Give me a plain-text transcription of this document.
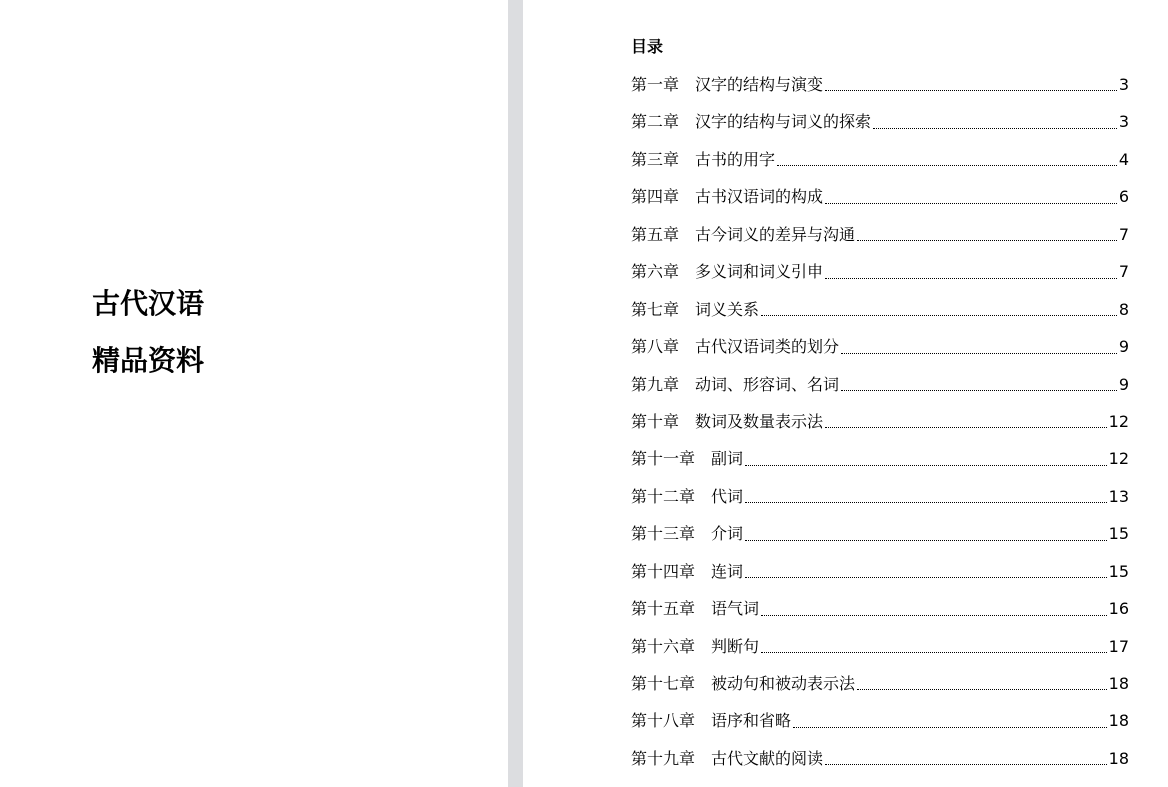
古代汉语
精品资料
目录
第一章	汉字的结构与演变	3
第二章	汉字的结构与词义的探索	3
第三章	古书的用字	4
第四章	古书汉语词的构成	6
第五章	古今词义的差异与沟通	7
第六章	多义词和词义引申	7
第七章	词义关系	8
第八章	古代汉语词类的划分	9
第九章	动词、形容词、名词	9
第十章	数词及数量表示法	12
第十一章	副词	12
第十二章	代词	13
第十三章	介词	15
第十四章	连词	15
第十五章	语气词	16
第十六章	判断句	17
第十七章	被动句和被动表示法	18
第十八章	语序和省略	18
第十九章	古代文献的阅读	18
